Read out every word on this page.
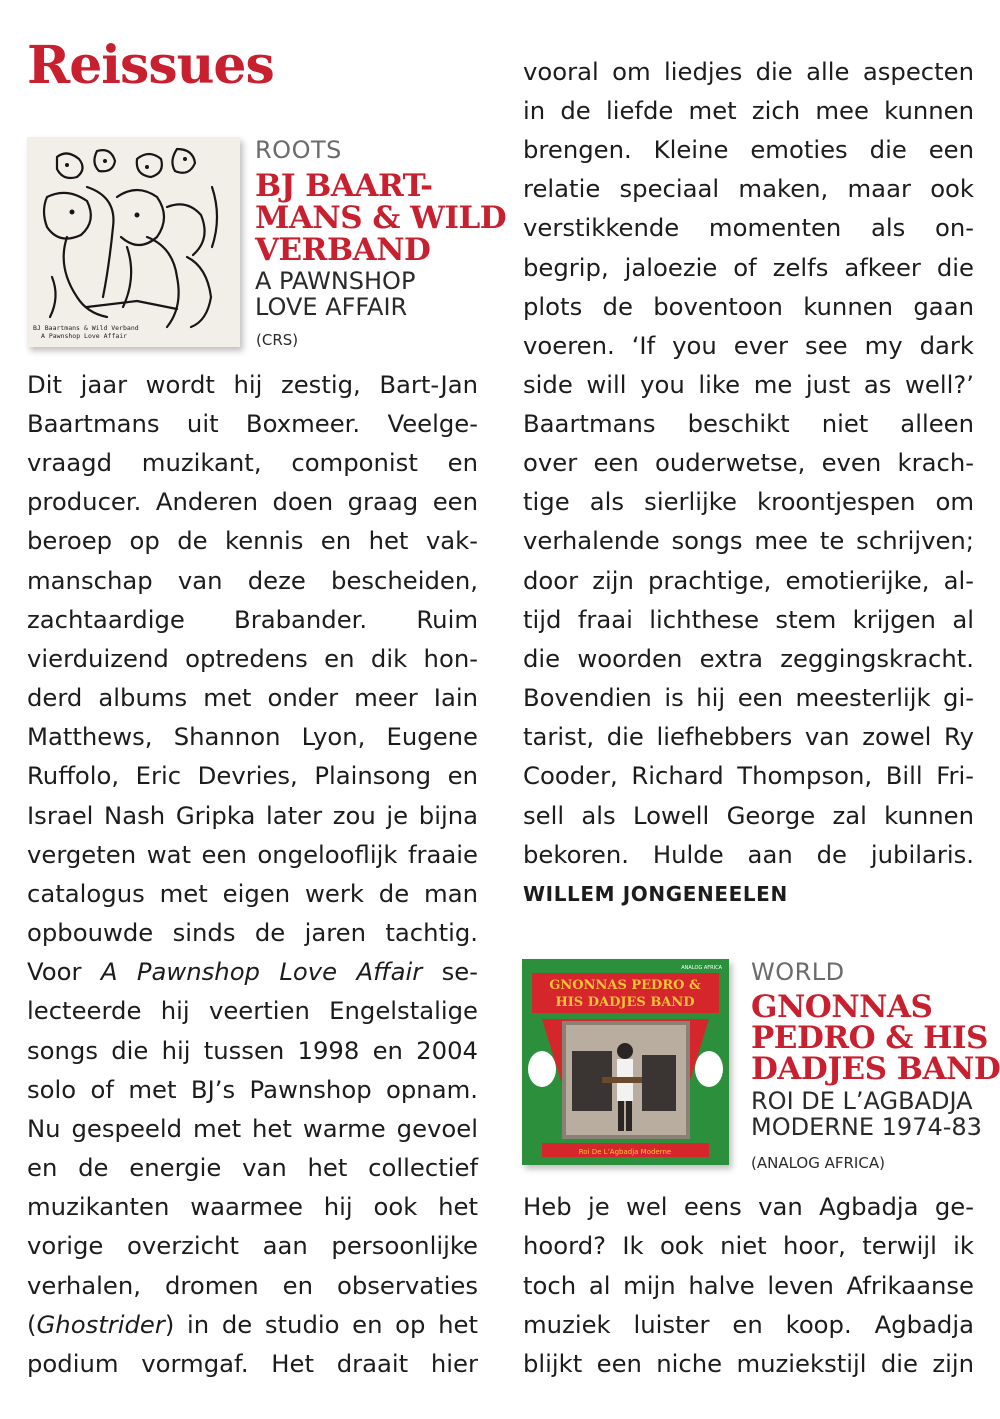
Reissues
BJ Baartmans & Wild Verband
A Pawnshop Love Affair

ROOTS

BJ BAART-

MANS & WILD

VERBAND

A PAWNSHOP

LOVE AFFAIR

(CRS)

Dit jaar wordt hij zestig, Bart-Jan

Baartmans uit Boxmeer. Veelge-

vraagd muzikant, componist en

producer. Anderen doen graag een

beroep op de kennis en het vak-

manschap van deze bescheiden,

zachtaardige Brabander. Ruim

vierduizend optredens en dik hon-

derd albums met onder meer Iain

Matthews, Shannon Lyon, Eugene

Ruffolo, Eric Devries, Plainsong en

Israel Nash Gripka later zou je bijna

vergeten wat een ongelooflijk fraaie

catalogus met eigen werk de man

opbouwde sinds de jaren tachtig.

Voor A Pawnshop Love Affair se-

lecteerde hij veertien Engelstalige

songs die hij tussen 1998 en 2004

solo of met BJ’s Pawnshop opnam.

Nu gespeeld met het warme gevoel

en de energie van het collectief

muzikanten waarmee hij ook het

vorige overzicht aan persoonlijke

verhalen, dromen en observaties

(Ghostrider) in de studio en op het

podium vormgaf. Het draait hier

vooral om liedjes die alle aspecten

in de liefde met zich mee kunnen

brengen. Kleine emoties die een

relatie speciaal maken, maar ook

verstikkende momenten als on-

begrip, jaloezie of zelfs afkeer die

plots de boventoon kunnen gaan

voeren. ‘If you ever see my dark

side will you like me just as well?’

Baartmans beschikt niet alleen

over een ouderwetse, even krach-

tige als sierlijke kroontjespen om

verhalende songs mee te schrijven;

door zijn prachtige, emotierijke, al-

tijd fraai lichthese stem krijgen al

die woorden extra zeggingskracht.

Bovendien is hij een meesterlijk gi-

tarist, die liefhebbers van zowel Ry

Cooder, Richard Thompson, Bill Fri-

sell als Lowell George zal kunnen

bekoren. Hulde aan de jubilaris.

WILLEM JONGENEELEN

GNONNAS PEDRO &
HIS DADJES BAND
ANALOG AFRICA
Roi De L’Agbadja Moderne

WORLD

GNONNAS

PEDRO & HIS

DADJES BAND

ROI DE L’AGBADJA

MODERNE 1974-83

(ANALOG AFRICA)

Heb je wel eens van Agbadja ge-

hoord? Ik ook niet hoor, terwijl ik

toch al mijn halve leven Afrikaanse

muziek luister en koop. Agbadja

blijkt een niche muziekstijl die zijn
